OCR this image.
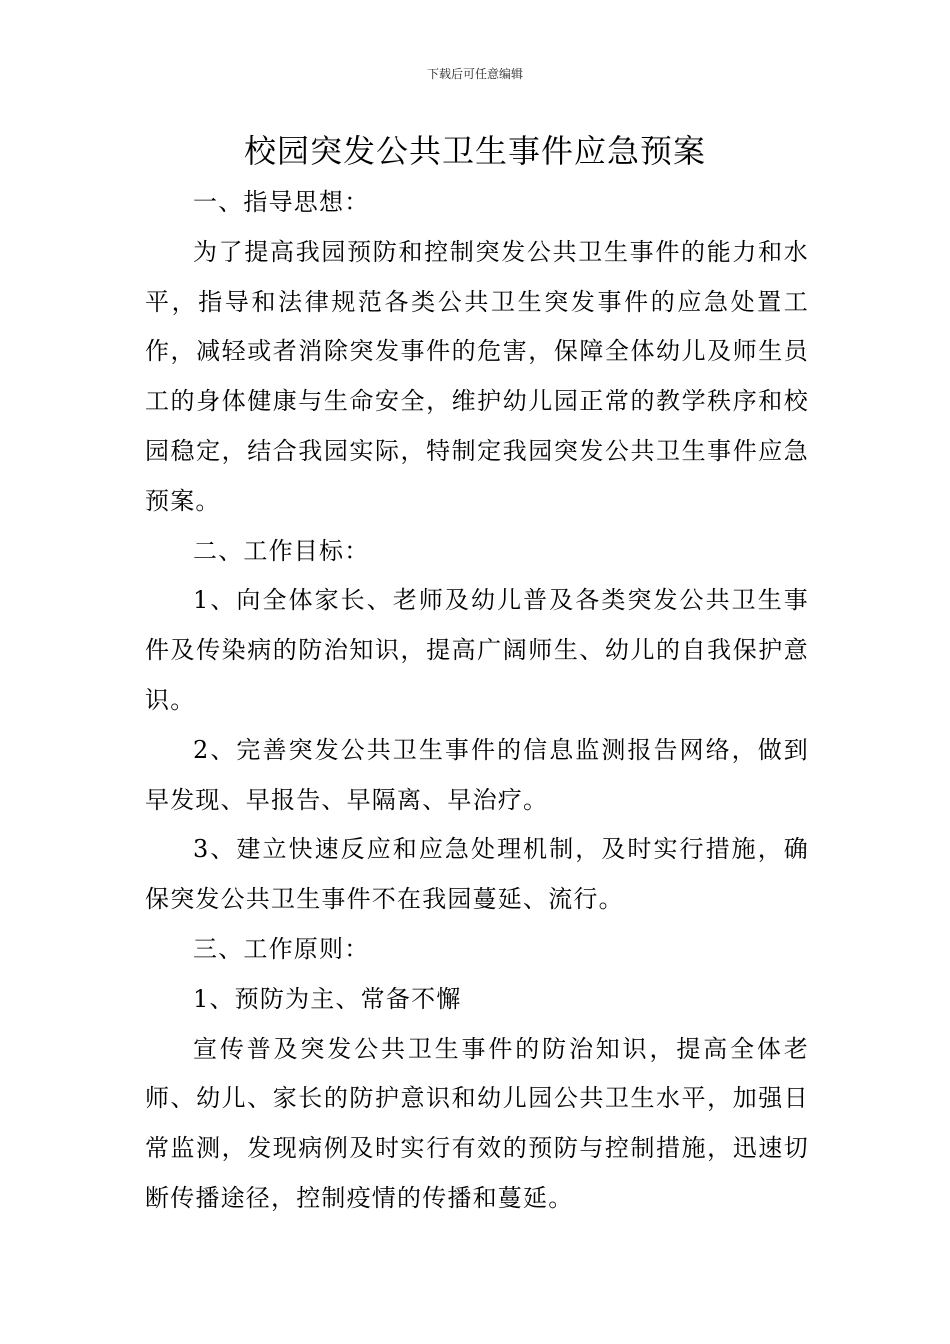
下载后可任意编辑
校园突发公共卫生事件应急预案

一、指导思想：

为了提高我园预防和控制突发公共卫生事件的能力和水平，指导和法律规范各类公共卫生突发事件的应急处置工作，减轻或者消除突发事件的危害，保障全体幼儿及师生员工的身体健康与生命安全，维护幼儿园正常的教学秩序和校园稳定，结合我园实际，特制定我园突发公共卫生事件应急预案。

二、工作目标：

1、向全体家长、老师及幼儿普及各类突发公共卫生事件及传染病的防治知识，提高广阔师生、幼儿的自我保护意识。

2、完善突发公共卫生事件的信息监测报告网络，做到早发现、早报告、早隔离、早治疗。

3、建立快速反应和应急处理机制，及时实行措施，确保突发公共卫生事件不在我园蔓延、流行。

三、工作原则：

1、预防为主、常备不懈

宣传普及突发公共卫生事件的防治知识，提高全体老师、幼儿、家长的防护意识和幼儿园公共卫生水平，加强日常监测，发现病例及时实行有效的预防与控制措施，迅速切断传播途径，控制疫情的传播和蔓延。
